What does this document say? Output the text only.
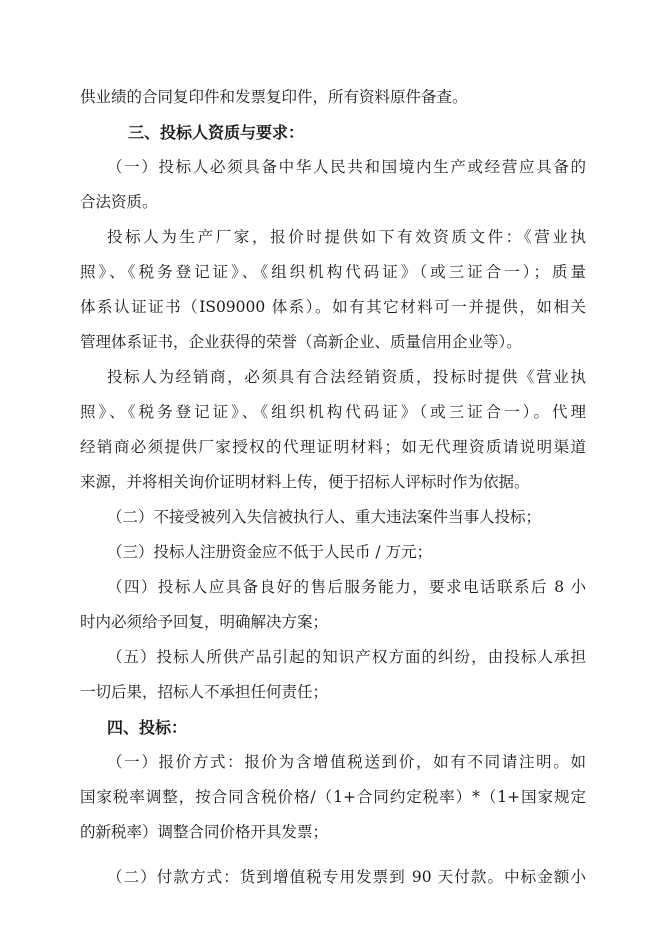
供业绩的合同复印件和发票复印件，所有资料原件备查。
三、投标人资质与要求：
（一）投标人必须具备中华人民共和国境内生产或经营应具备的
合法资质。
投标人为生产厂家，报价时提供如下有效资质文件：《营业执
照》、《税务登记证》、《组织机构代码证》（或三证合一）；质量
体系认证证书（IS09000 体系）。如有其它材料可一并提供，如相关
管理体系证书，企业获得的荣誉（高新企业、质量信用企业等）。
投标人为经销商，必须具有合法经销资质，投标时提供《营业执
照》、《税务登记证》、《组织机构代码证》（或三证合一）。代理
经销商必须提供厂家授权的代理证明材料；如无代理资质请说明渠道
来源，并将相关询价证明材料上传，便于招标人评标时作为依据。
（二）不接受被列入失信被执行人、重大违法案件当事人投标；
（三）投标人注册资金应不低于人民币 / 万元；
（四）投标人应具备良好的售后服务能力，要求电话联系后 8 小
时内必须给予回复，明确解决方案；
（五）投标人所供产品引起的知识产权方面的纠纷，由投标人承担
一切后果，招标人不承担任何责任；
四、投标：
（一）报价方式：报价为含增值税送到价，如有不同请注明。如
国家税率调整，按合同含税价格/（1+合同约定税率）*（1+国家规定
的新税率）调整合同价格开具发票；
（二）付款方式：货到增值税专用发票到 90 天付款。中标金额小
